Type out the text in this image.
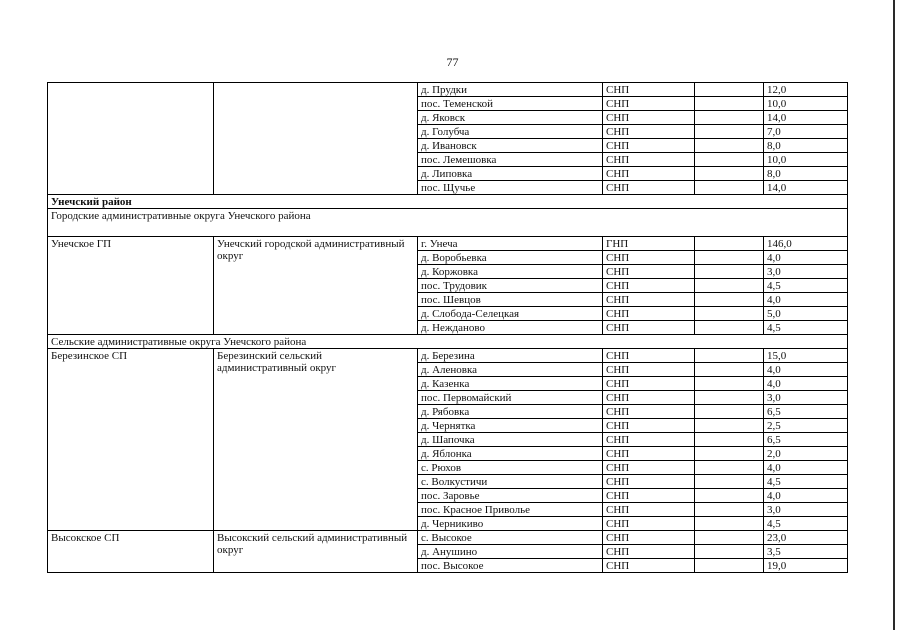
77
		д. Прудки	СНП		12,0
		пос. Теменской	СНП		10,0
		д. Яковск	СНП		14,0
		д. Голубча	СНП		7,0
		д. Ивановск	СНП		8,0
		пос. Лемешовка	СНП		10,0
		д. Липовка	СНП		8,0
		пос. Щучье	СНП		14,0
Унечский район					
Городские административные округа Унечского района					
Унечское ГП	Унечский городской административный округ	г. Унеча	ГНП		146,0
		д. Воробьевка	СНП		4,0
		д. Коржовка	СНП		3,0
		пос. Трудовик	СНП		4,5
		пос. Шевцов	СНП		4,0
		д. Слобода-Селецкая	СНП		5,0
		д. Нежданово	СНП		4,5
Сельские административные округа Унечского района					
Березинское СП	Березинский сельский административный округ	д. Березина	СНП		15,0
		д. Аленовка	СНП		4,0
		д. Казенка	СНП		4,0
		пос. Первомайский	СНП		3,0
		д. Рябовка	СНП		6,5
		д. Чернятка	СНП		2,5
		д. Шапочка	СНП		6,5
		д. Яблонка	СНП		2,0
		с. Рюхов	СНП		4,0
		с. Волкустичи	СНП		4,5
		пос. Заровье	СНП		4,0
		пос. Красное Приволье	СНП		3,0
		д. Черникиво	СНП		4,5
Высокское СП	Высокский сельский административный округ	с. Высокое	СНП		23,0
		д. Анушино	СНП		3,5
		пос. Высокое	СНП		19,0
